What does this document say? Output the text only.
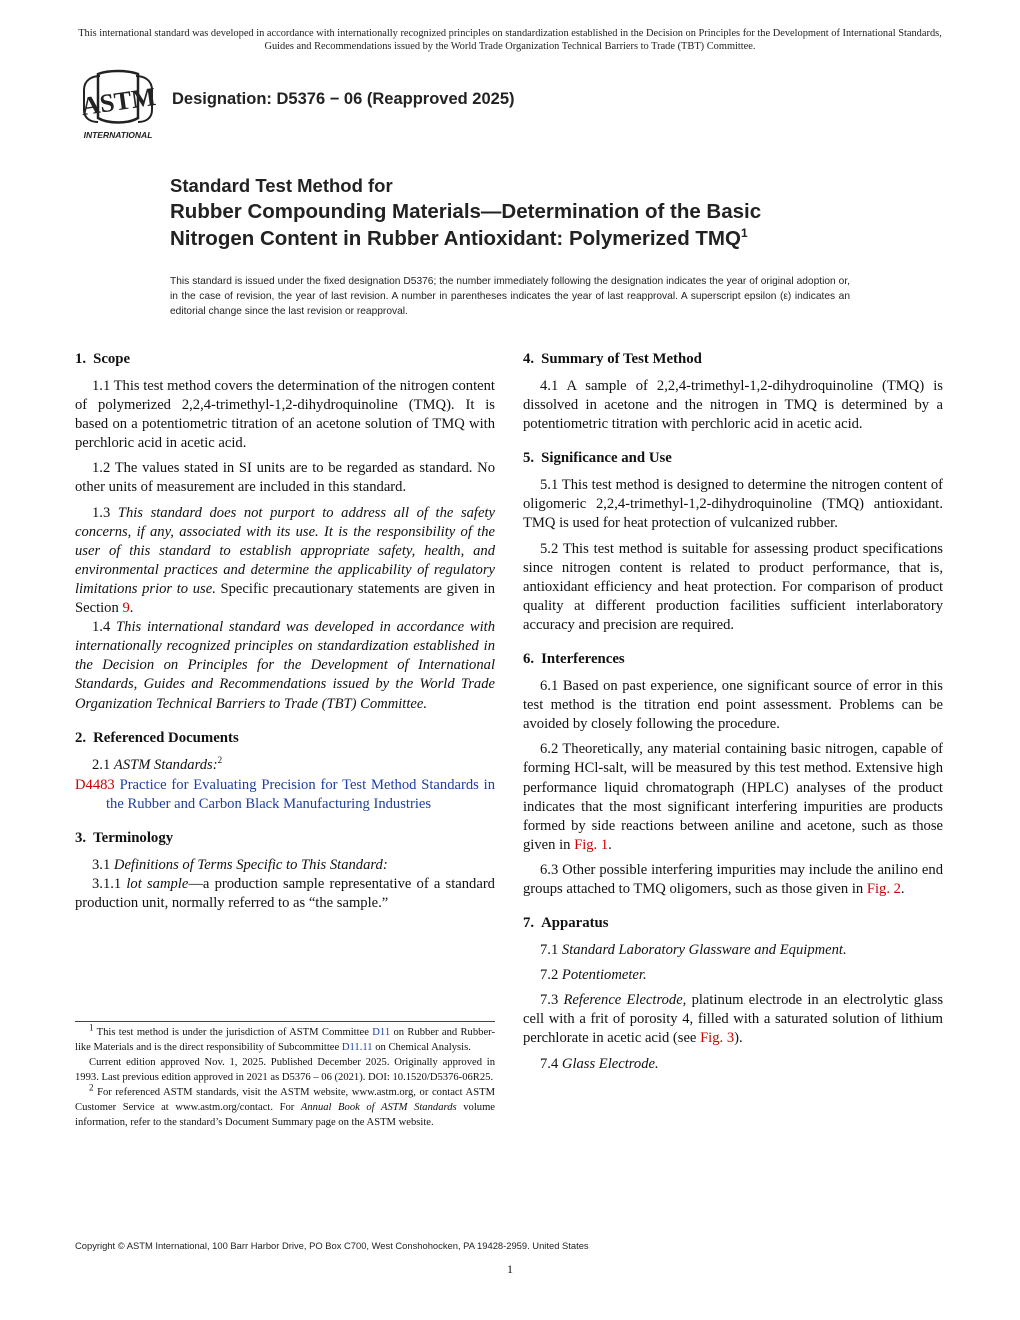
This international standard was developed in accordance with internationally recognized principles on standardization established in the Decision on Principles for the Development of International Standards, Guides and Recommendations issued by the World Trade Organization Technical Barriers to Trade (TBT) Committee.
ASTM
INTERNATIONAL
Designation: D5376 − 06 (Reapproved 2025)
Standard Test Method for
Rubber Compounding Materials—Determination of the Basic
Nitrogen Content in Rubber Antioxidant: Polymerized TMQ$^1$
This standard is issued under the fixed designation D5376; the number immediately following the designation indicates the year of original adoption or, in the case of revision, the year of last revision. A number in parentheses indicates the year of last reapproval. A superscript epsilon (ε) indicates an editorial change since the last revision or reapproval.
1. Scope

1.1 This test method covers the determination of the nitrogen content of polymerized 2,2,4-trimethyl-1,2-dihydroquinoline (TMQ). It is based on a potentiometric titration of an acetone solution of TMQ with perchloric acid in acetic acid.

1.2 The values stated in SI units are to be regarded as standard. No other units of measurement are included in this standard.

1.3 This standard does not purport to address all of the safety concerns, if any, associated with its use. It is the responsibility of the user of this standard to establish appropriate safety, health, and environmental practices and determine the applicability of regulatory limitations prior to use. Specific precautionary statements are given in Section 9.

1.4 This international standard was developed in accordance with internationally recognized principles on standardization established in the Decision on Principles for the Development of International Standards, Guides and Recommendations issued by the World Trade Organization Technical Barriers to Trade (TBT) Committee.

2. Referenced Documents

2.1 ASTM Standards:$^2$

D4483 Practice for Evaluating Precision for Test Method Standards in the Rubber and Carbon Black Manufacturing Industries
3. Terminology

3.1 Definitions of Terms Specific to This Standard:

3.1.1 lot sample—a production sample representative of a standard production unit, normally referred to as “the sample.”

$^1$ This test method is under the jurisdiction of ASTM Committee D11 on Rubber and Rubber-like Materials and is the direct responsibility of Subcommittee D11.11 on Chemical Analysis.

Current edition approved Nov. 1, 2025. Published December 2025. Originally approved in 1993. Last previous edition approved in 2021 as D5376 – 06 (2021). DOI: 10.1520/D5376-06R25.

$^2$ For referenced ASTM standards, visit the ASTM website, www.astm.org, or contact ASTM Customer Service at www.astm.org/contact. For Annual Book of ASTM Standards volume information, refer to the standard’s Document Summary page on the ASTM website.

4. Summary of Test Method

4.1 A sample of 2,2,4-trimethyl-1,2-dihydroquinoline (TMQ) is dissolved in acetone and the nitrogen in TMQ is determined by a potentiometric titration with perchloric acid in acetic acid.

5. Significance and Use

5.1 This test method is designed to determine the nitrogen content of oligomeric 2,2,4-trimethyl-1,2-dihydroquinoline (TMQ) antioxidant. TMQ is used for heat protection of vulcanized rubber.

5.2 This test method is suitable for assessing product specifications since nitrogen content is related to product performance, that is, antioxidant efficiency and heat protection. For comparison of product quality at different production facilities sufficient interlaboratory accuracy and precision are required.

6. Interferences

6.1 Based on past experience, one significant source of error in this test method is the titration end point assessment. Problems can be avoided by closely following the procedure.

6.2 Theoretically, any material containing basic nitrogen, capable of forming HCl-salt, will be measured by this test method. Extensive high performance liquid chromatograph (HPLC) analyses of the product indicates that the most significant interfering impurities are products formed by side reactions between aniline and acetone, such as those given in Fig. 1.

6.3 Other possible interfering impurities may include the anilino end groups attached to TMQ oligomers, such as those given in Fig. 2.

7. Apparatus

7.1 Standard Laboratory Glassware and Equipment.

7.2 Potentiometer.

7.3 Reference Electrode, platinum electrode in an electrolytic glass cell with a frit of porosity 4, filled with a saturated solution of lithium perchlorate in acetic acid (see Fig. 3).

7.4 Glass Electrode.

Copyright © ASTM International, 100 Barr Harbor Drive, PO Box C700, West Conshohocken, PA 19428-2959. United States
1
